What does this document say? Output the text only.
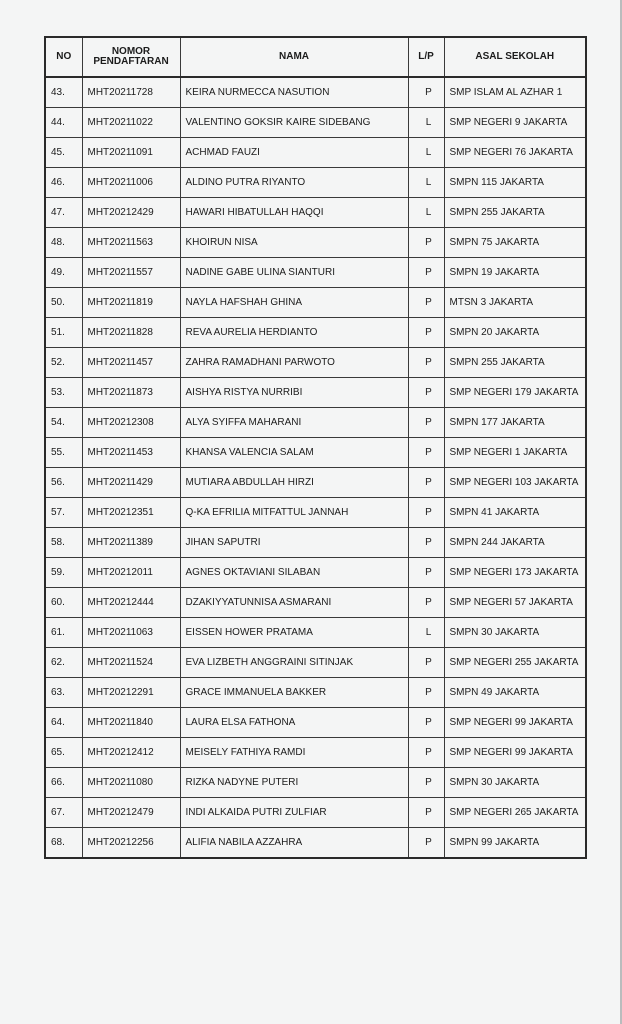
NO	NOMOR PENDAFTARAN	NAMA	L/P	ASAL SEKOLAH
43.	MHT20211728	KEIRA NURMECCA NASUTION	P	SMP ISLAM AL AZHAR 1
44.	MHT20211022	VALENTINO GOKSIR KAIRE SIDEBANG	L	SMP NEGERI 9 JAKARTA
45.	MHT20211091	ACHMAD FAUZI	L	SMP NEGERI 76 JAKARTA
46.	MHT20211006	ALDINO PUTRA RIYANTO	L	SMPN 115 JAKARTA
47.	MHT20212429	HAWARI HIBATULLAH HAQQI	L	SMPN 255 JAKARTA
48.	MHT20211563	KHOIRUN NISA	P	SMPN 75 JAKARTA
49.	MHT20211557	NADINE GABE ULINA SIANTURI	P	SMPN 19 JAKARTA
50.	MHT20211819	NAYLA HAFSHAH GHINA	P	MTSN 3 JAKARTA
51.	MHT20211828	REVA AURELIA HERDIANTO	P	SMPN 20 JAKARTA
52.	MHT20211457	ZAHRA RAMADHANI PARWOTO	P	SMPN 255 JAKARTA
53.	MHT20211873	AISHYA RISTYA NURRIBI	P	SMP NEGERI 179 JAKARTA
54.	MHT20212308	ALYA SYIFFA MAHARANI	P	SMPN 177 JAKARTA
55.	MHT20211453	KHANSA VALENCIA SALAM	P	SMP NEGERI 1 JAKARTA
56.	MHT20211429	MUTIARA ABDULLAH HIRZI	P	SMP NEGERI 103 JAKARTA
57.	MHT20212351	Q-KA EFRILIA MITFATTUL JANNAH	P	SMPN 41 JAKARTA
58.	MHT20211389	JIHAN SAPUTRI	P	SMPN 244 JAKARTA
59.	MHT20212011	AGNES OKTAVIANI SILABAN	P	SMP NEGERI 173 JAKARTA
60.	MHT20212444	DZAKIYYATUNNISA ASMARANI	P	SMP NEGERI 57 JAKARTA
61.	MHT20211063	EISSEN HOWER PRATAMA	L	SMPN 30 JAKARTA
62.	MHT20211524	EVA LIZBETH ANGGRAINI SITINJAK	P	SMP NEGERI 255 JAKARTA
63.	MHT20212291	GRACE IMMANUELA BAKKER	P	SMPN 49 JAKARTA
64.	MHT20211840	LAURA ELSA FATHONA	P	SMP NEGERI 99 JAKARTA
65.	MHT20212412	MEISELY FATHIYA RAMDI	P	SMP NEGERI 99 JAKARTA
66.	MHT20211080	RIZKA NADYNE PUTERI	P	SMPN 30 JAKARTA
67.	MHT20212479	INDI ALKAIDA PUTRI ZULFIAR	P	SMP NEGERI 265 JAKARTA
68.	MHT20212256	ALIFIA NABILA AZZAHRA	P	SMPN 99 JAKARTA
